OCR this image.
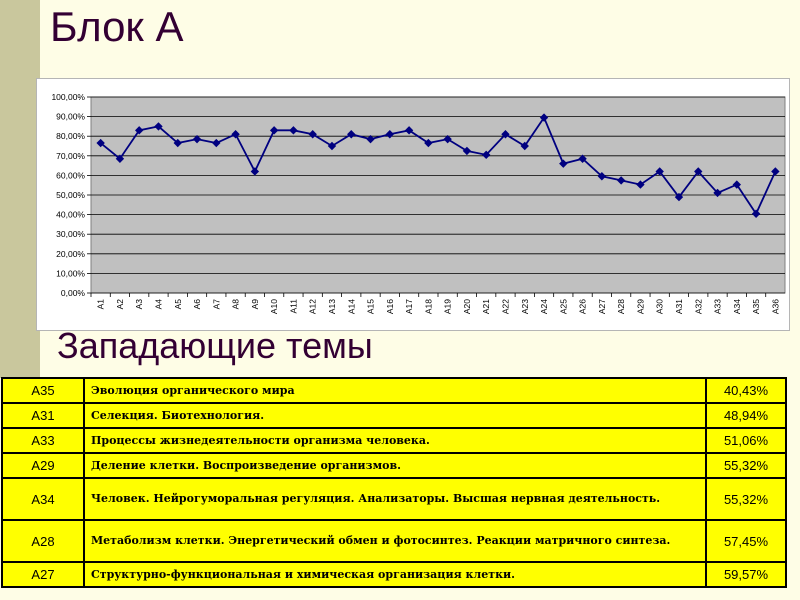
Блок А
0,00%
10,00%
20,00%
30,00%
40,00%
50,00%
60,00%
70,00%
80,00%
90,00%
100,00%
A1 A2 A3 A4 A5 A6 A7 A8 A9 A10 A11 A12 A13 A14 A15 A16 A17 A18 A19 A20 A21 A22 A23 A24 A25 A26 A27 A28 A29 A30 A31 A32 A33 A34 A35 A36
Западающие темы
А35	Эволюция органического мира	40,43%
А31	Селекция. Биотехнология.	48,94%
А33	Процессы жизнедеятельности организма человека.	51,06%
А29	Деление клетки. Воспроизведение организмов.	55,32%
А34	Человек. Нейрогуморальная регуляция. Анализаторы. Высшая нервная деятельность.	55,32%
А28	Метаболизм клетки. Энергетический обмен и фотосинтез. Реакции матричного синтеза.	57,45%
А27	Структурно-функциональная и химическая организация клетки.	59,57%
